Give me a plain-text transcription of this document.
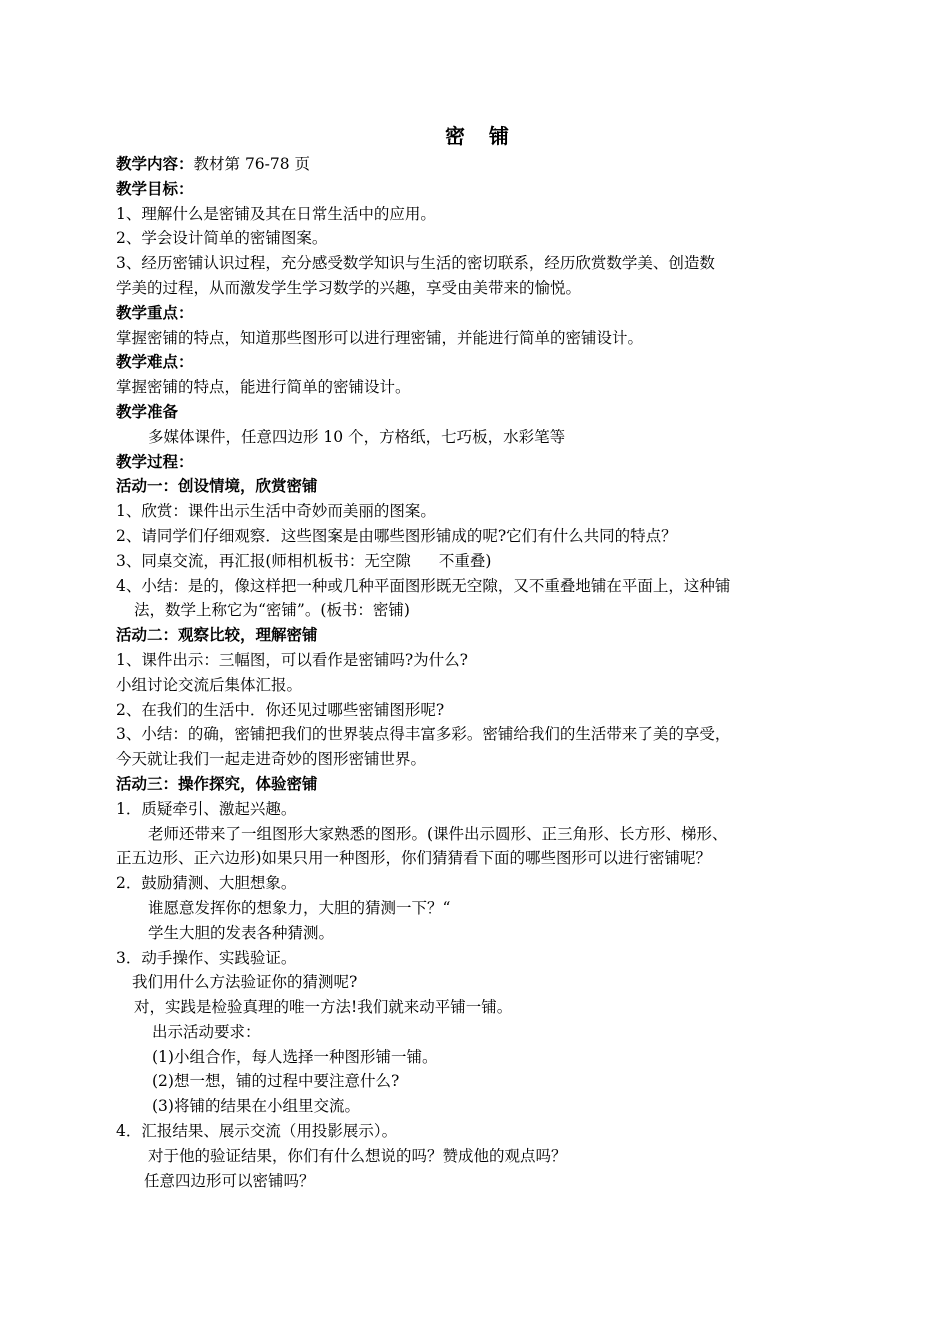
密 铺
教学内容：教材第 76-78 页
教学目标：
1、理解什么是密铺及其在日常生活中的应用。
2、学会设计简单的密铺图案。
3、经历密铺认识过程，充分感受数学知识与生活的密切联系，经历欣赏数学美、创造数
学美的过程，从而激发学生学习数学的兴趣，享受由美带来的愉悦。
教学重点：
掌握密铺的特点，知道那些图形可以进行理密铺，并能进行简单的密铺设计。
教学难点：
掌握密铺的特点，能进行简单的密铺设计。
教学准备
多媒体课件，任意四边形 10 个，方格纸，七巧板，水彩笔等
教学过程：
活动一：创设情境，欣赏密铺
1、欣赏：课件出示生活中奇妙而美丽的图案。
2、请同学们仔细观察．这些图案是由哪些图形铺成的呢?它们有什么共同的特点？
3、同桌交流，再汇报(师相机板书：无空隙 不重叠)
4、小结：是的，像这样把一种或几种平面图形既无空隙，又不重叠地铺在平面上，这种铺
法，数学上称它为“密铺”。(板书：密铺)
活动二：观察比较，理解密铺
1、课件出示：三幅图，可以看作是密铺吗?为什么?
小组讨论交流后集体汇报。
2、在我们的生活中．你还见过哪些密铺图形呢?
3、小结：的确，密铺把我们的世界装点得丰富多彩。密铺给我们的生活带来了美的享受，
今天就让我们一起走进奇妙的图形密铺世界。
活动三：操作探究，体验密铺
1．质疑牵引、激起兴趣。
老师还带来了一组图形大家熟悉的图形。(课件出示圆形、正三角形、长方形、梯形、
正五边形、正六边形)如果只用一种图形，你们猜猜看下面的哪些图形可以进行密铺呢？
2．鼓励猜测、大胆想象。
谁愿意发挥你的想象力，大胆的猜测一下？“
学生大胆的发表各种猜测。
3．动手操作、实践验证。
我们用什么方法验证你的猜测呢?
对，实践是检验真理的唯一方法!我们就来动平铺一铺。
出示活动要求：
(1)小组合作，每人选择一种图形铺一铺。
(2)想一想，铺的过程中要注意什么?
(3)将铺的结果在小组里交流。
4．汇报结果、展示交流（用投影展示）。
对于他的验证结果，你们有什么想说的吗？赞成他的观点吗？
任意四边形可以密铺吗？
